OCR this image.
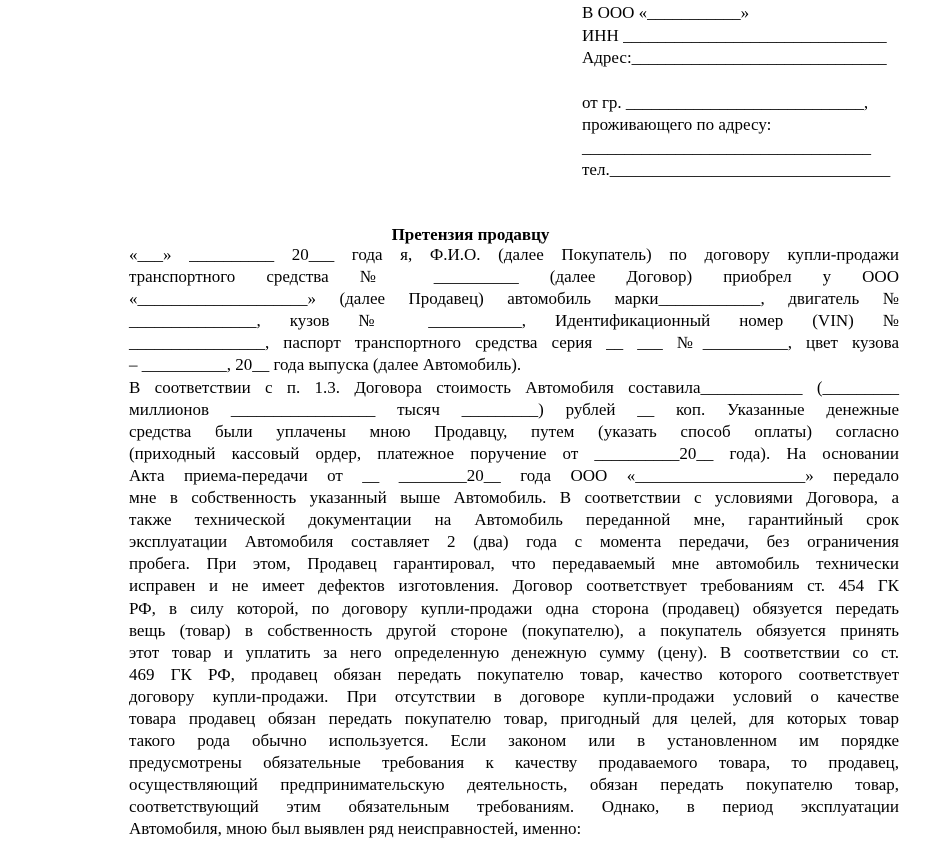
В ООО «___________»
ИНН _______________________________
Адрес:______________________________
от гр. ____________________________,
проживающего по адресу:
__________________________________
тел._________________________________
Претензия продавцу
«___» __________ 20___ года я, Ф.И.О. (далее Покупатель) по договору купли-продажи
транспортного средства № __________ (далее Договор) приобрел у ООО
«____________________» (далее Продавец) автомобиль марки____________, двигатель №
_______________, кузов № ___________, Идентификационный номер (VIN) №
________________, паспорт транспортного средства серия __ ___ №__________, цвет кузова
– __________, 20__ года выпуска (далее Автомобиль).
В соответствии с п. 1.3. Договора стоимость Автомобиля составила____________ (_________
миллионов _________________ тысяч _________) рублей __ коп. Указанные денежные
средства были уплачены мною Продавцу, путем (указать способ оплаты) согласно
(приходный кассовый ордер, платежное поручение от __________20__ года). На основании
Акта приема-передачи от __ ________20__ года ООО «____________________» передало
мне в собственность указанный выше Автомобиль. В соответствии с условиями Договора, а
также технической документации на Автомобиль переданной мне, гарантийный срок
эксплуатации Автомобиля составляет 2 (два) года с момента передачи, без ограничения
пробега. При этом, Продавец гарантировал, что передаваемый мне автомобиль технически
исправен и не имеет дефектов изготовления. Договор соответствует требованиям ст. 454 ГК
РФ, в силу которой, по договору купли-продажи одна сторона (продавец) обязуется передать
вещь (товар) в собственность другой стороне (покупателю), а покупатель обязуется принять
этот товар и уплатить за него определенную денежную сумму (цену). В соответствии со ст.
469 ГК РФ, продавец обязан передать покупателю товар, качество которого соответствует
договору купли-продажи. При отсутствии в договоре купли-продажи условий о качестве
товара продавец обязан передать покупателю товар, пригодный для целей, для которых товар
такого рода обычно используется. Если законом или в установленном им порядке
предусмотрены обязательные требования к качеству продаваемого товара, то продавец,
осуществляющий предпринимательскую деятельность, обязан передать покупателю товар,
соответствующий этим обязательным требованиям. Однако, в период эксплуатации
Автомобиля, мною был выявлен ряд неисправностей, именно:
